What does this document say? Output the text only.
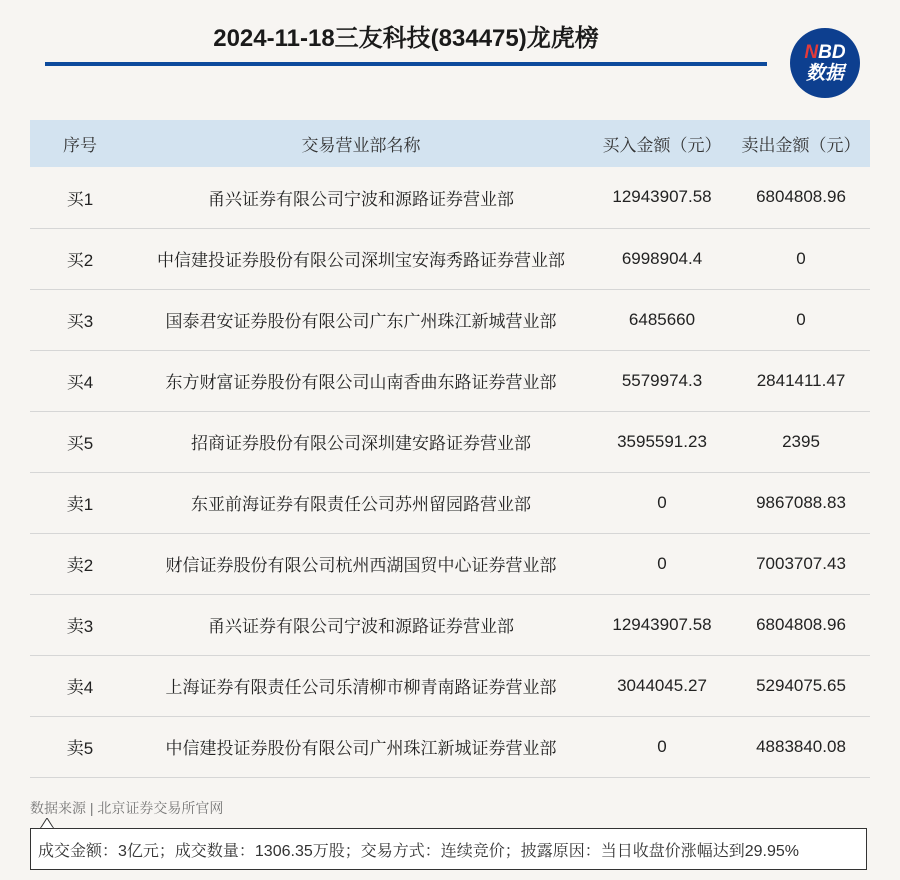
2024-11-18三友科技(834475)龙虎榜
NBD
数据
序号	交易营业部名称	买入金额（元）	卖出金额（元）
买1	甬兴证券有限公司宁波和源路证券营业部	12943907.58	6804808.96
买2	中信建投证券股份有限公司深圳宝安海秀路证券营业部	6998904.4	0
买3	国泰君安证券股份有限公司广东广州珠江新城营业部	6485660	0
买4	东方财富证券股份有限公司山南香曲东路证券营业部	5579974.3	2841411.47
买5	招商证券股份有限公司深圳建安路证券营业部	3595591.23	2395
卖1	东亚前海证券有限责任公司苏州留园路营业部	0	9867088.83
卖2	财信证券股份有限公司杭州西湖国贸中心证券营业部	0	7003707.43
卖3	甬兴证券有限公司宁波和源路证券营业部	12943907.58	6804808.96
卖4	上海证券有限责任公司乐清柳市柳青南路证券营业部	3044045.27	5294075.65
卖5	中信建投证券股份有限公司广州珠江新城证券营业部	0	4883840.08
数据来源 | 北京证券交易所官网
成交金额：3亿元；成交数量：1306.35万股；交易方式：连续竞价；披露原因：当日收盘价涨幅达到29.95%
